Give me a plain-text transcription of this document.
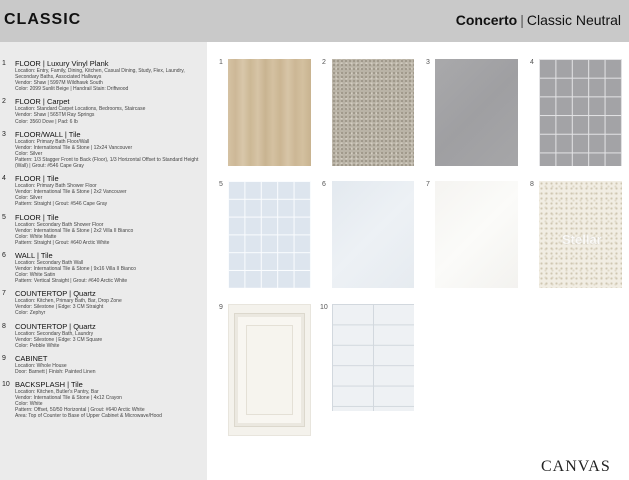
CLASSIC	Concerto | Classic Neutral
1	FLOOR | Luxury Vinyl Plank
Location: Entry, Family, Dining, Kitchen, Casual Dining, Study, Flex, Laundry, Secondary Baths, Associated Hallways
Vendor: Shaw | 5997M Wildhawk South
Color: 2099 Sunlit Beige | Handrail Stain: Driftwood
2	FLOOR | Carpet
Location: Standard Carpet Locations, Bedrooms, Staircase
Vendor: Shaw | 565TM Ray Springs
Color: 3560 Dove | Pad: 6 lb
3	FLOOR/WALL | Tile
Location: Primary Bath Floor/Wall
Vendor: International Tile & Stone | 12x24 Vancouver
Color: Silver
Pattern: 1/3 Stagger Front to Back (Floor), 1/3 Horizontal Offset to Standard Height (Wall) | Grout: #546 Cape Gray
4	FLOOR | Tile
Location: Primary Bath Shower Floor
Vendor: International Tile & Stone | 2x2 Vancouver
Color: Silver
Pattern: Straight | Grout: #546 Cape Gray
5	FLOOR | Tile
Location: Secondary Bath Shower Floor
Vendor: International Tile & Stone | 2x2 Villa II Bianco
Color: White Matte
Pattern: Straight | Grout: #640 Arctic White
6	WALL | Tile
Location: Secondary Bath Wall
Vendor: International Tile & Stone | 9x16 Villa II Bianco
Color: White Satin
Pattern: Vertical Straight | Grout: #640 Arctic White
7	COUNTERTOP | Quartz
Location: Kitchen, Primary Bath, Bar, Drop Zone
Vendor: Silestone | Edge: 3 CM Straight
Color: Zephyr
8	COUNTERTOP | Quartz
Location: Secondary Bath, Laundry
Vendor: Silestone | Edge: 3 CM Square
Color: Pebble White
9	CABINET
Location: Whole House
Door: Barnett | Finish: Painted Linen
10 BACKSPLASH | Tile
Location: Kitchen, Butler's Pantry, Bar
Vendor: International Tile & Stone | 4x12 Crayon
Color: White
Pattern: Offset, 50/50 Horizontal | Grout: #640 Arctic White
Area: Top of Counter to Base of Upper Cabinet & Microwave/Hood
1	2	3	4
5	6	7	8
9	10
Stellar
CANVAS
